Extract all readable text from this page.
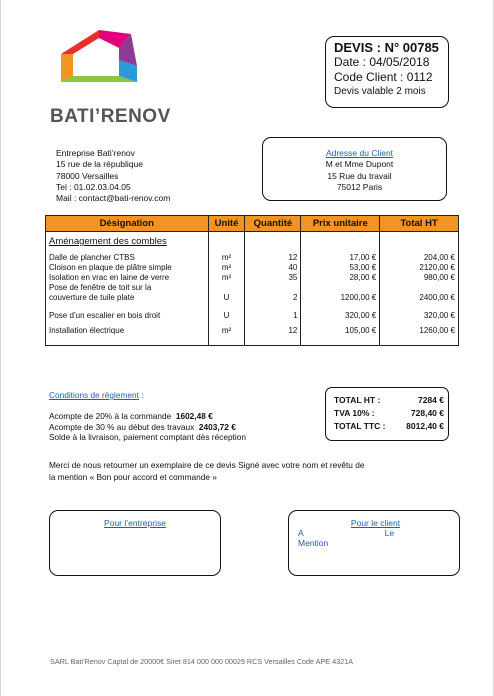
BATI’RENOV
DEVIS : N° 00785
Date : 04/05/2018
Code Client : 0112
Devis valable 2 mois
Entreprise Bati’renov
15 rue de la république
78000 Versailles
Tel : 01.02.03.04.05
Mail : contact@bati-renov.com
Adresse du Client
M et Mme Dupont
15 Rue du travail
75012 Paris
Désignation	Unité	Quantité	Prix unitaire	Total HT
Aménagement des combles				
Dalle de plancher CTBS	m²	12	17,00 €	204,00 €
Cloison en plaque de plâtre simple	m²	40	53,00 €	2120,00 €
Isolation en vrac en laine de verre	m²	35	28,00 €	980,00 €

Pose de fenêtre de toit sur la
couverture de tuile plate	U	2	1200,00 €	2400,00 €
Pose d’un escalier en bois droit	U	1	320,00 €	320,00 €
Installation électrique	m²	12	105,00 €	1260,00 €
Conditions de règlement :
Acompte de 20% à la commande 1602,48 €
Acompte de 30 % au début des travaux 2403,72 €
Solde à la livraison, paiement comptant dès réception
TOTAL HT :	7284 €
TVA 10% :	728,40 €
TOTAL TTC :	8012,40 €
Merci de nous retourner un exemplaire de ce devis Signé avec votre nom et revêtu de
la mention « Bon pour accord et commande »
Pour l’entreprise	Pour le client
A	Le
Mention
SARL Bati’Renov Captal de 20000€ Siret 814 000 000 00029 RCS Versailles Code APE 4321A
